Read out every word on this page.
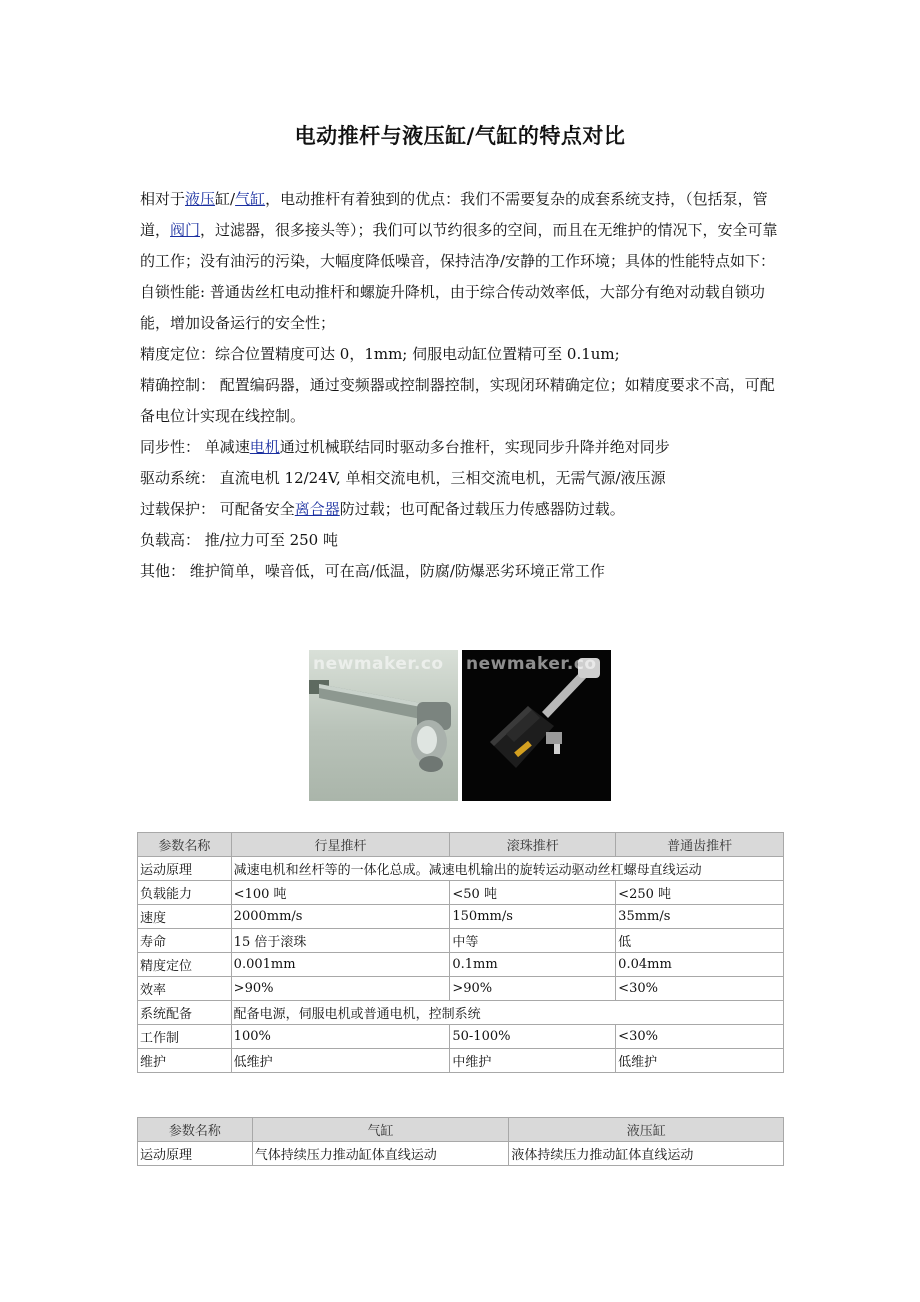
电动推杆与液压缸/气缸的特点对比

相对于液压缸/气缸，电动推杆有着独到的优点：我们不需要复杂的成套系统支持，（包括泵，管道，阀门，过滤器，很多接头等）；我们可以节约很多的空间，而且在无维护的情况下，安全可靠的工作；没有油污的污染，大幅度降低噪音，保持洁净/安静的工作环境；具体的性能特点如下：

自锁性能: 普通齿丝杠电动推杆和螺旋升降机，由于综合传动效率低，大部分有绝对动载自锁功能，增加设备运行的安全性；

精度定位：综合位置精度可达 0，1mm; 伺服电动缸位置精可至 0.1um;

精确控制： 配置编码器，通过变频器或控制器控制，实现闭环精确定位；如精度要求不高，可配备电位计实现在线控制。

同步性： 单减速电机通过机械联结同时驱动多台推杆，实现同步升降并绝对同步

驱动系统： 直流电机 12/24V, 单相交流电机，三相交流电机，无需气源/液压源

过载保护： 可配备安全离合器防过载；也可配备过载压力传感器防过载。

负载高： 推/拉力可至 250 吨

其他： 维护简单，噪音低，可在高/低温，防腐/防爆恶劣环境正常工作

newmaker.co newmaker.co
参数名称	行星推杆	滚珠推杆	普通齿推杆
运动原理	减速电机和丝杆等的一体化总成。减速电机输出的旋转运动驱动丝杠螺母直线运动		
负载能力	<100 吨	<50 吨	<250 吨
速度	2000mm/s	150mm/s	35mm/s
寿命	15 倍于滚珠	中等	低
精度定位	0.001mm	0.1mm	0.04mm
效率	>90%	>90%	<30%
系统配备	配备电源，伺服电机或普通电机，控制系统		
工作制	100%	50-100%	<30%
维护	低维护	中维护	低维护
参数名称	气缸	液压缸
运动原理	气体持续压力推动缸体直线运动	液体持续压力推动缸体直线运动
